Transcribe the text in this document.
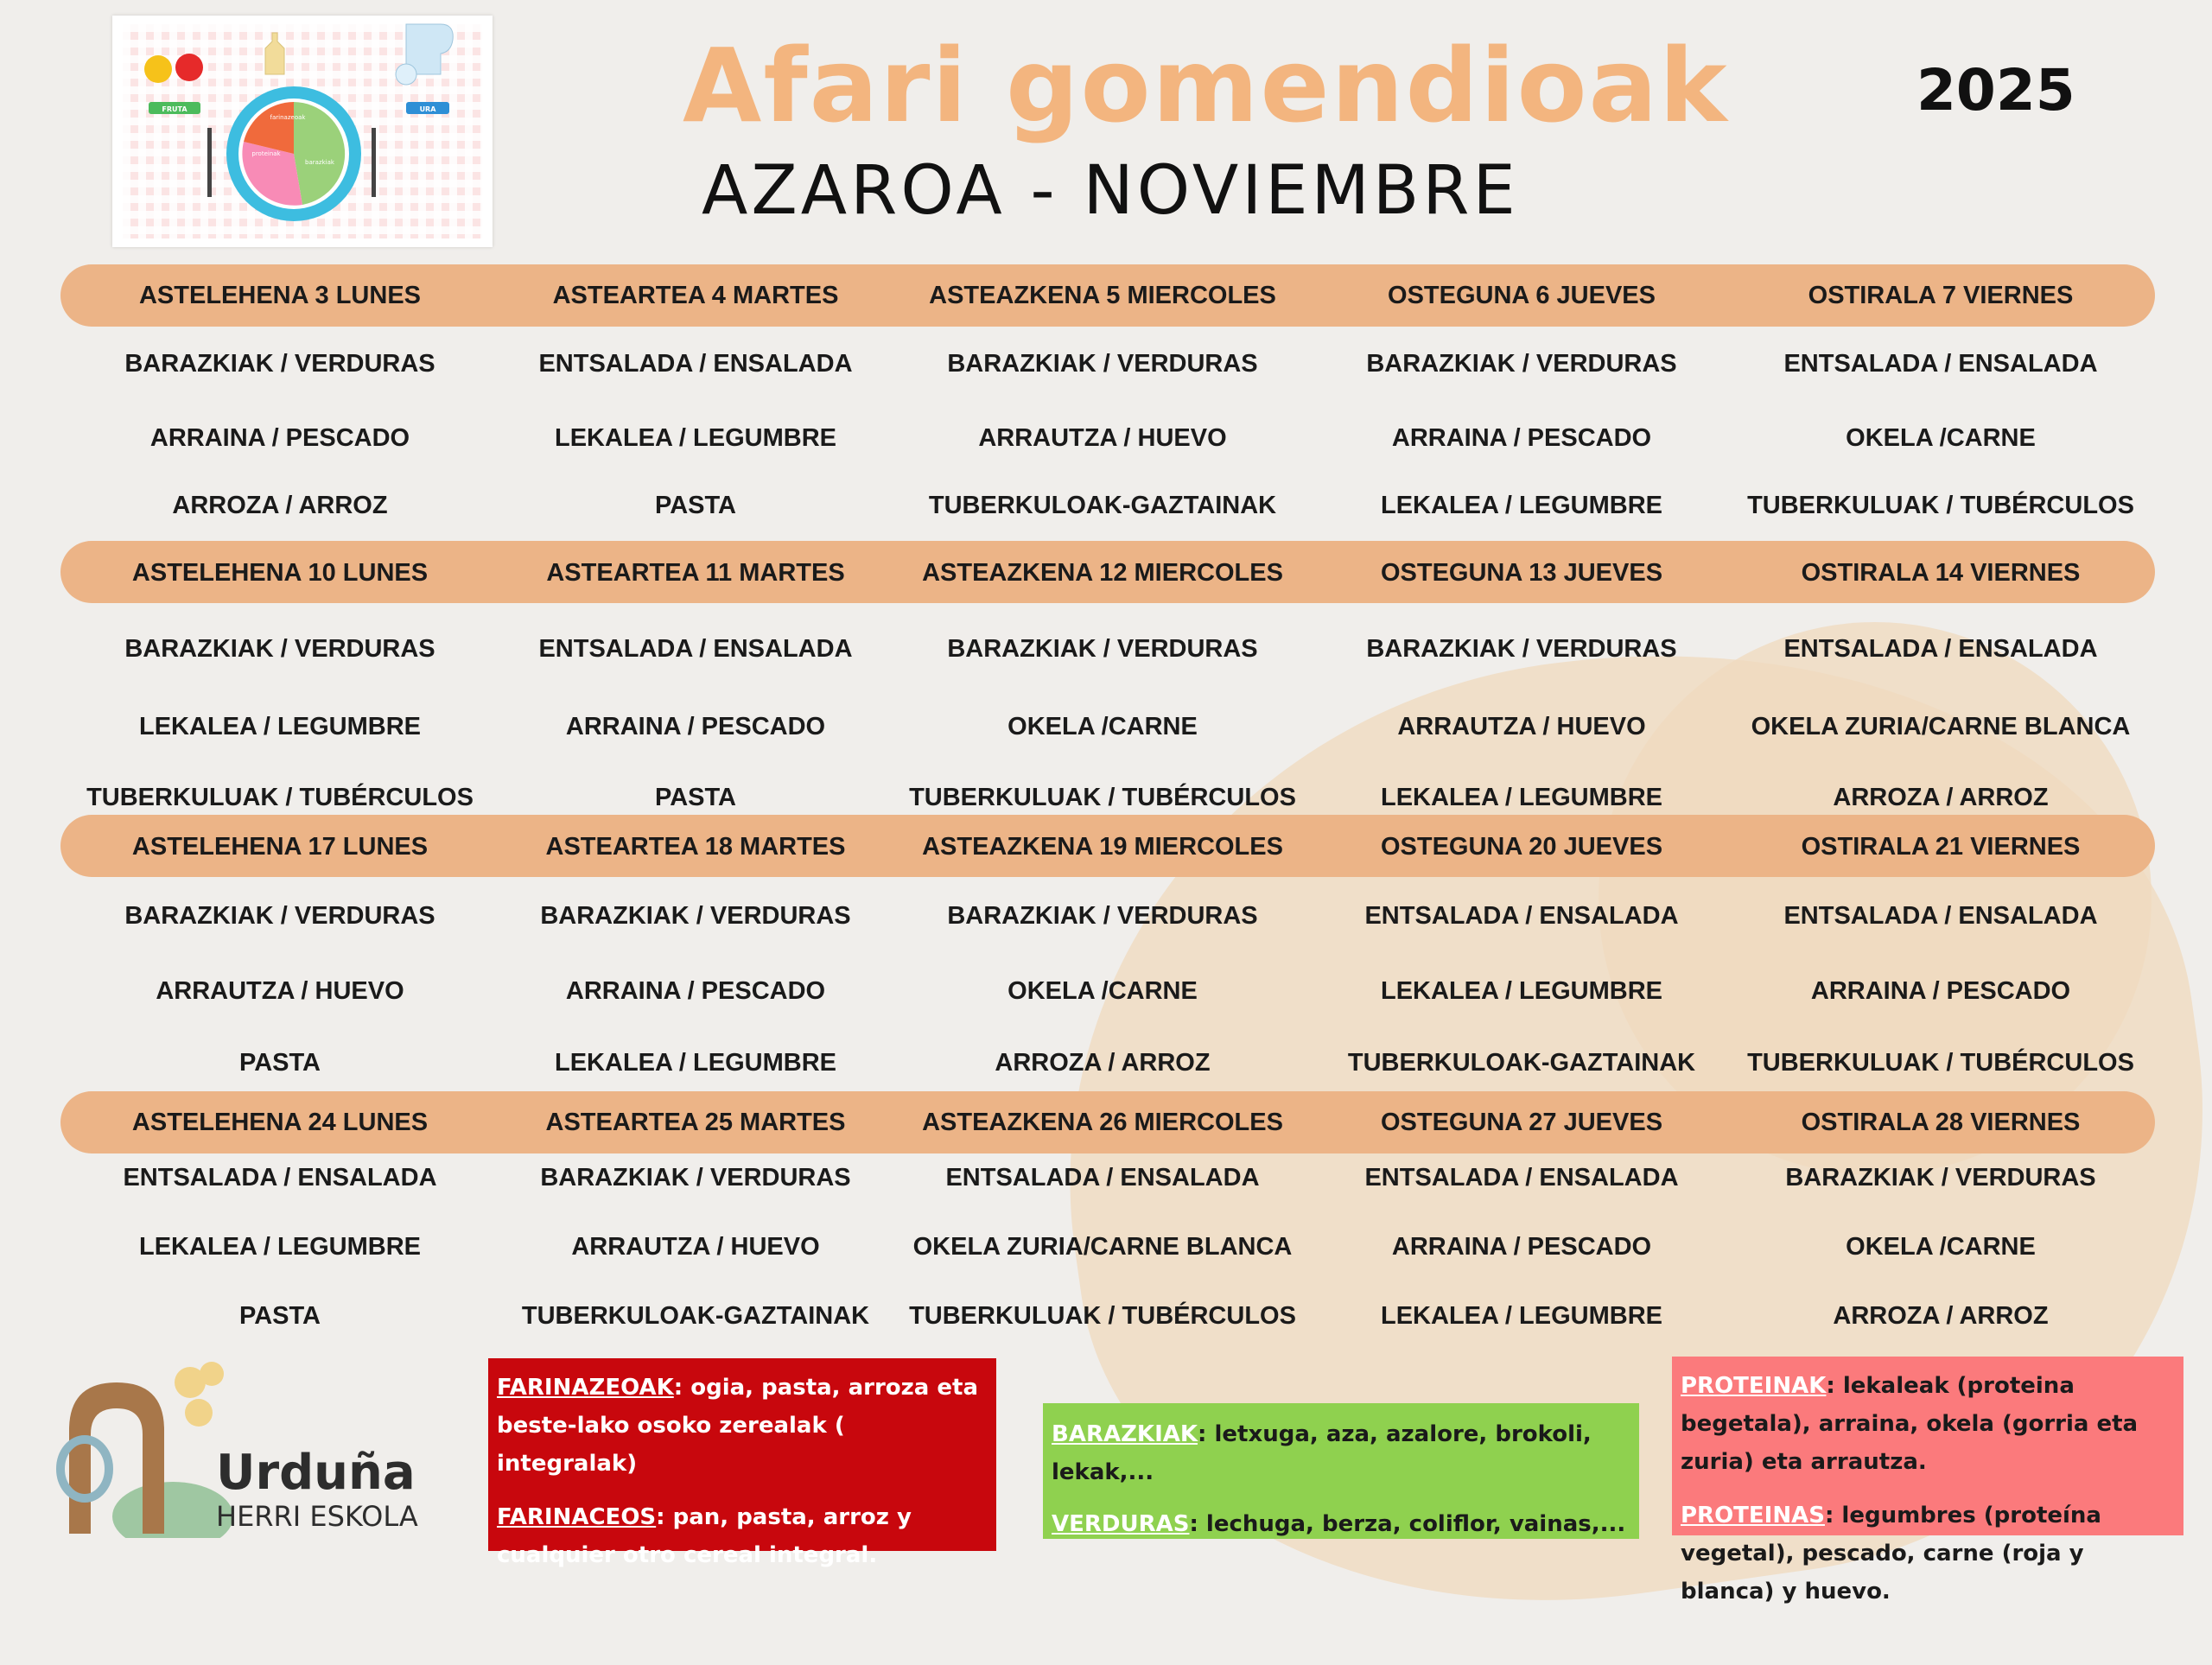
FRUTA	URA
farinazeoak
proteinak
barazkiak
Afari gomendioak
AZAROA - NOVIEMBRE
2025
ASTELEHENA 3 LUNES
BARAZKIAK / VERDURAS
ARRAINA / PESCADO
ARROZA / ARROZ
ASTEARTEA 4 MARTES
ENTSALADA / ENSALADA
LEKALEA / LEGUMBRE
PASTA
ASTEAZKENA 5 MIERCOLES
BARAZKIAK / VERDURAS
ARRAUTZA / HUEVO
TUBERKULOAK-GAZTAINAK
OSTEGUNA 6 JUEVES
BARAZKIAK / VERDURAS
ARRAINA / PESCADO
LEKALEA / LEGUMBRE
OSTIRALA 7 VIERNES
ENTSALADA / ENSALADA
OKELA /CARNE
TUBERKULUAK / TUBÉRCULOS
ASTELEHENA 10 LUNES
BARAZKIAK / VERDURAS
LEKALEA / LEGUMBRE
TUBERKULUAK / TUBÉRCULOS
ASTEARTEA 11 MARTES
ENTSALADA / ENSALADA
ARRAINA / PESCADO
PASTA
ASTEAZKENA 12 MIERCOLES
BARAZKIAK / VERDURAS
OKELA /CARNE
TUBERKULUAK / TUBÉRCULOS
OSTEGUNA 13 JUEVES
BARAZKIAK / VERDURAS
ARRAUTZA / HUEVO
LEKALEA / LEGUMBRE
OSTIRALA 14 VIERNES
ENTSALADA / ENSALADA
OKELA ZURIA/CARNE BLANCA
ARROZA / ARROZ
ASTELEHENA 17 LUNES
BARAZKIAK / VERDURAS
ARRAUTZA / HUEVO
PASTA
ASTEARTEA 18 MARTES
BARAZKIAK / VERDURAS
ARRAINA / PESCADO
LEKALEA / LEGUMBRE
ASTEAZKENA 19 MIERCOLES
BARAZKIAK / VERDURAS
OKELA /CARNE
ARROZA / ARROZ
OSTEGUNA 20 JUEVES
ENTSALADA / ENSALADA
LEKALEA / LEGUMBRE
TUBERKULOAK-GAZTAINAK
OSTIRALA 21 VIERNES
ENTSALADA / ENSALADA
ARRAINA / PESCADO
TUBERKULUAK / TUBÉRCULOS
ASTELEHENA 24 LUNES
ENTSALADA / ENSALADA
LEKALEA / LEGUMBRE
PASTA
ASTEARTEA 25 MARTES
BARAZKIAK / VERDURAS
ARRAUTZA / HUEVO
TUBERKULOAK-GAZTAINAK
ASTEAZKENA 26 MIERCOLES
ENTSALADA / ENSALADA
OKELA ZURIA/CARNE BLANCA
TUBERKULUAK / TUBÉRCULOS
OSTEGUNA 27 JUEVES
ENTSALADA / ENSALADA
ARRAINA / PESCADO
LEKALEA / LEGUMBRE
OSTIRALA 28 VIERNES
BARAZKIAK / VERDURAS
OKELA /CARNE
ARROZA / ARROZ

FARINAZEOAK: ogia, pasta, arroza eta beste-lako osoko zerealak ( integralak)

FARINACEOS: pan, pasta, arroz y cualquier otro cereal integral.

BARAZKIAK: letxuga, aza, azalore, brokoli, lekak,...

VERDURAS: lechuga, berza, coliflor, vainas,...

PROTEINAK: lekaleak (proteina begetala), arraina, okela (gorria eta zuria) eta arrautza.

PROTEINAS: legumbres (proteína vegetal), pescado, carne (roja y blanca) y huevo.

Urduña
HERRI ESKOLA
